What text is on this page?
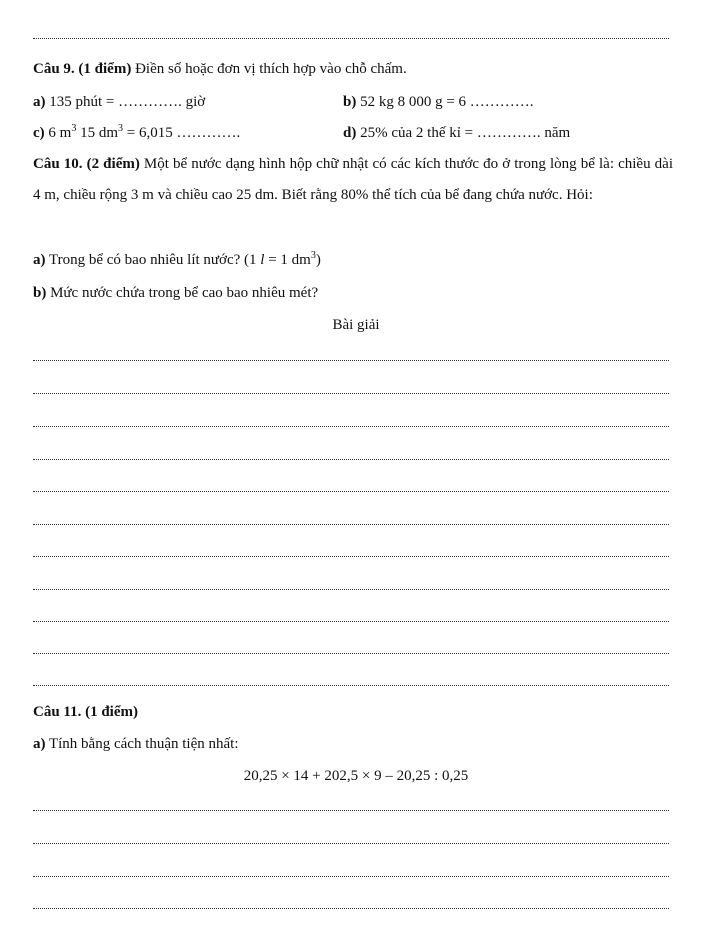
Câu 9. (1 điểm) Điền số hoặc đơn vị thích hợp vào chỗ chấm.
a) 135 phút = …………. giờ	b) 52 kg 8 000 g = 6 ………….
c) 6 $m^3$ 15 $dm^3 = 6,015$ ………….	d) 25% của 2 thế kỉ = …………. năm
Câu 10. (2 điểm) Một bể nước dạng hình hộp chữ nhật có các kích thước đo ở trong lòng bể là: chiều dài 4 m, chiều rộng 3 m và chiều cao 25 dm. Biết rằng 80% thể tích của bể đang chứa nước. Hỏi:
a) Trong bể có bao nhiêu lít nước? (1 l = 1 $dm^3$)
b) Mức nước chứa trong bể cao bao nhiêu mét?
Bài giải
Câu 11. (1 điểm)
a) Tính bằng cách thuận tiện nhất:
20,25 × 14 + 202,5 × 9 – 20,25 : 0,25
